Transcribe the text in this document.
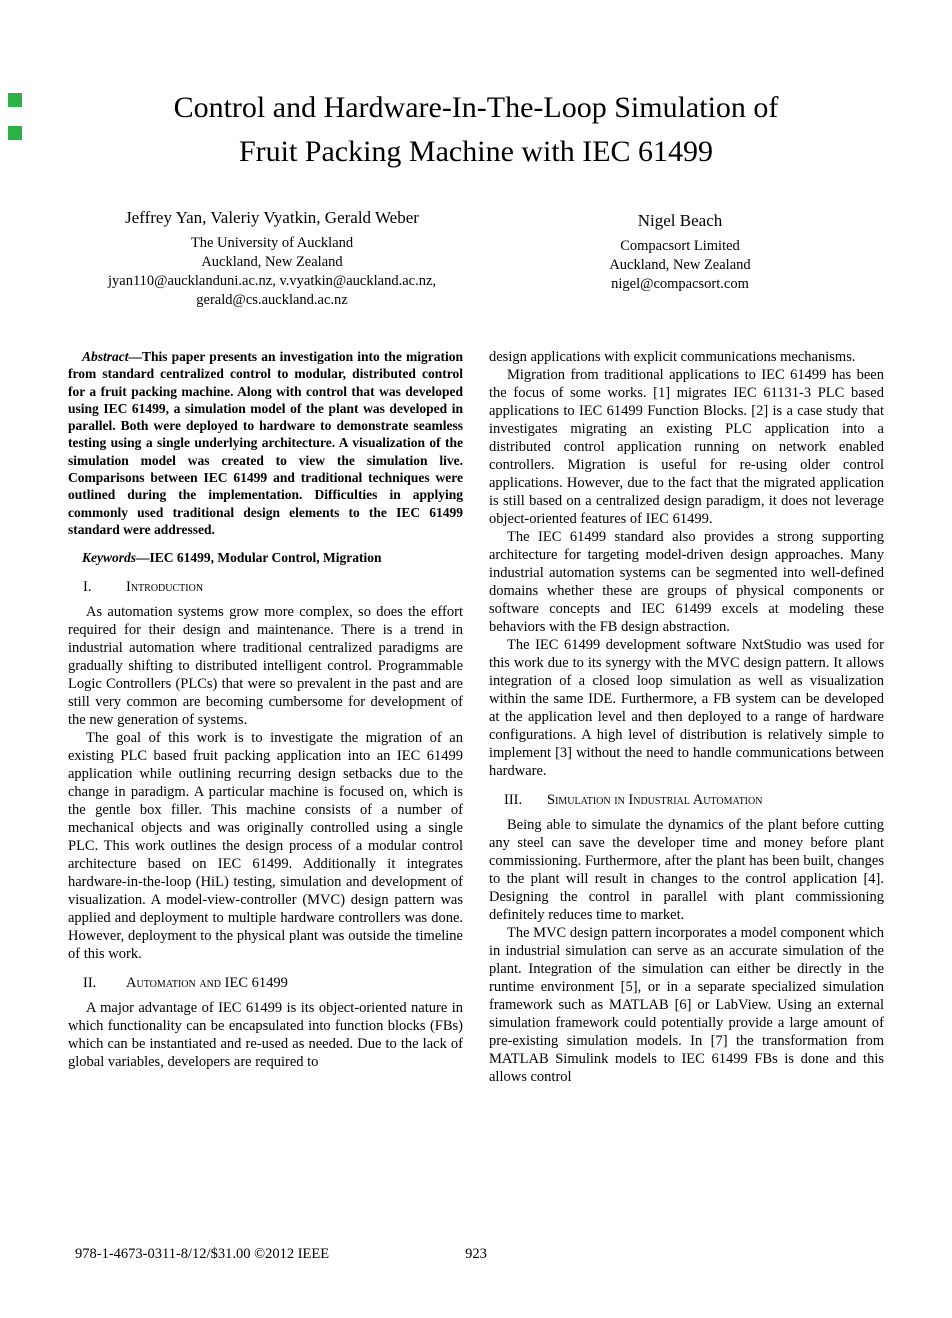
Control and Hardware-In-The-Loop Simulation of
Fruit Packing Machine with IEC 61499
Jeffrey Yan, Valeriy Vyatkin, Gerald Weber
The University of Auckland
Auckland, New Zealand
jyan110@aucklanduni.ac.nz, v.vyatkin@auckland.ac.nz,
gerald@cs.auckland.ac.nz
Nigel Beach
Compacsort Limited
Auckland, New Zealand
nigel@compacsort.com

Abstract—This paper presents an investigation into the migration from standard centralized control to modular, distributed control for a fruit packing machine. Along with control that was developed using IEC 61499, a simulation model of the plant was developed in parallel. Both were deployed to hardware to demonstrate seamless testing using a single underlying architecture. A visualization of the simulation model was created to view the simulation live. Comparisons between IEC 61499 and traditional techniques were outlined during the implementation. Difficulties in applying commonly used traditional design elements to the IEC 61499 standard were addressed.

Keywords—IEC 61499, Modular Control, Migration

I. Introduction

As automation systems grow more complex, so does the effort required for their design and maintenance. There is a trend in industrial automation where traditional centralized paradigms are gradually shifting to distributed intelligent control. Programmable Logic Controllers (PLCs) that were so prevalent in the past and are still very common are becoming cumbersome for development of the new generation of systems.

The goal of this work is to investigate the migration of an existing PLC based fruit packing application into an IEC 61499 application while outlining recurring design setbacks due to the change in paradigm. A particular machine is focused on, which is the gentle box filler. This machine consists of a number of mechanical objects and was originally controlled using a single PLC. This work outlines the design process of a modular control architecture based on IEC 61499. Additionally it integrates hardware-in-the-loop (HiL) testing, simulation and development of visualization. A model-view-controller (MVC) design pattern was applied and deployment to multiple hardware controllers was done. However, deployment to the physical plant was outside the timeline of this work.

II. Automation and IEC 61499

A major advantage of IEC 61499 is its object-oriented nature in which functionality can be encapsulated into function blocks (FBs) which can be instantiated and re-used as needed. Due to the lack of global variables, developers are required to

design applications with explicit communications mechanisms.

Migration from traditional applications to IEC 61499 has been the focus of some works. [1] migrates IEC 61131-3 PLC based applications to IEC 61499 Function Blocks. [2] is a case study that investigates migrating an existing PLC application into a distributed control application running on network enabled controllers. Migration is useful for re-using older control applications. However, due to the fact that the migrated application is still based on a centralized design paradigm, it does not leverage object-oriented features of IEC 61499.

The IEC 61499 standard also provides a strong supporting architecture for targeting model-driven design approaches. Many industrial automation systems can be segmented into well-defined domains whether these are groups of physical components or software concepts and IEC 61499 excels at modeling these behaviors with the FB design abstraction.

The IEC 61499 development software NxtStudio was used for this work due to its synergy with the MVC design pattern. It allows integration of a closed loop simulation as well as visualization within the same IDE. Furthermore, a FB system can be developed at the application level and then deployed to a range of hardware configurations. A high level of distribution is relatively simple to implement [3] without the need to handle communications between hardware.

III. Simulation in Industrial Automation

Being able to simulate the dynamics of the plant before cutting any steel can save the developer time and money before plant commissioning. Furthermore, after the plant has been built, changes to the plant will result in changes to the control application [4]. Designing the control in parallel with plant commissioning definitely reduces time to market.

The MVC design pattern incorporates a model component which in industrial simulation can serve as an accurate simulation of the plant. Integration of the simulation can either be directly in the runtime environment [5], or in a separate specialized simulation framework such as MATLAB [6] or LabView. Using an external simulation framework could potentially provide a large amount of pre-existing simulation models. In [7] the transformation from MATLAB Simulink models to IEC 61499 FBs is done and this allows control

978-1-4673-0311-8/12/$31.00 ©2012 IEEE	923
